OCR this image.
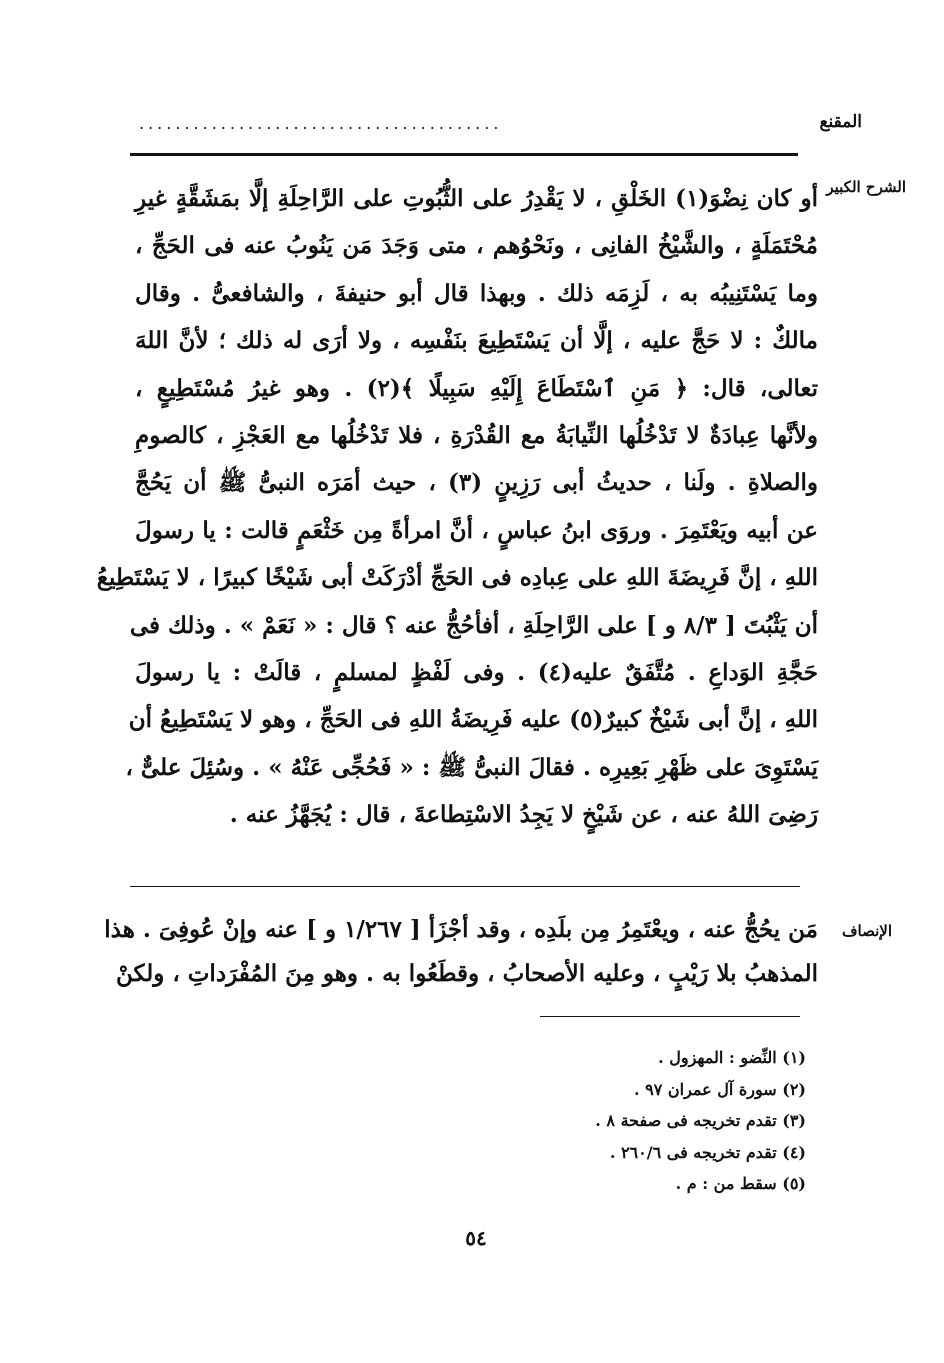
المقنع
........................................
الشرح الكبير
أو كان نِضْوَ(١) الخَلْقِ ، لا يَقْدِرُ على الثُّبُوتِ على الرَّاحِلَةِ إلَّا بمَشَقَّةٍ غيرِ
مُحْتَمَلَةٍ ، والشَّيْخُ الفانِى ، ونَحْوُهم ، متى وَجَدَ مَن يَنُوبُ عنه فى الحَجِّ ،
وما يَسْتَنِيبُه به ، لَزِمَه ذلك . وبهذا قال أبو حنيفةَ ، والشافعىُّ . وقال
مالكٌ : لا حَجَّ عليه ، إلَّا أن يَسْتَطِيعَ بنَفْسِه ، ولا أرَى له ذلك ؛ لأنَّ اللهَ
تعالى، قال: ﴿ مَنِ ٱسْتَطَاعَ إِلَيْهِ سَبِيلًا ﴾(٢) . وهو غيرُ مُسْتَطِيعٍ ،
ولأنَّها عِبادَةٌ لا تَدْخُلُها النِّيابَةُ مع القُدْرَةِ ، فلا تَدْخُلُها مع العَجْزِ ، كالصومِ
والصلاةِ . ولَنا ، حديثُ أبى رَزِينٍ (٣) ، حيث أمَرَه النبىُّ ﷺ أن يَحُجَّ
عن أبيه ويَعْتَمِرَ . وروَى ابنُ عباسٍ ، أنَّ امرأةً مِن خَثْعَمٍ قالت : يا رسولَ
اللهِ ، إنَّ فَرِيضَةَ اللهِ على عِبادِه فى الحَجِّ أدْرَكَتْ أبى شَيْخًا كبيرًا ، لا يَسْتَطِيعُ
أن يَثْبُتَ [ ٨/٣ و ] على الرَّاحِلَةِ ، أفأحُجُّ عنه ؟ قال : « نَعَمْ » . وذلك فى
حَجَّةِ الوَداعِ . مُتَّفَقٌ عليه(٤) . وفى لَفْظٍ لمسلمٍ ، قالَتْ : يا رسولَ
اللهِ ، إنَّ أبى شَيْخٌ كبيرٌ(٥) عليه فَرِيضَةُ اللهِ فى الحَجِّ ، وهو لا يَسْتَطِيعُ أن
يَسْتَوِىَ على ظَهْرِ بَعِيرِه . فقالَ النبىُّ ﷺ : « فَحُجِّى عَنْهُ » . وسُئِلَ علىٌّ ،
رَضِىَ اللهُ عنه ، عن شَيْخٍ لا يَجِدُ الاسْتِطاعةَ ، قال : يُجَهَّزُ عنه .
الإنصاف
مَن يحُجُّ عنه ، ويعْتَمِرُ مِن بلَدِه ، وقد أجْزَأ [ ١/٢٦٧ و ] عنه وإنْ عُوفِىَ . هذا
المذهبُ بلا رَيْبٍ ، وعليه الأصحابُ ، وقطَعُوا به . وهو مِنَ المُفْرَداتِ ، ولكنْ
(١) النِّضو : المهزول .
(٢) سورة آل عمران ٩٧ .
(٣) تقدم تخريجه فى صفحة ٨ .
(٤) تقدم تخريجه فى ٢٦٠/٦ .
(٥) سقط من : م .
٥٤
